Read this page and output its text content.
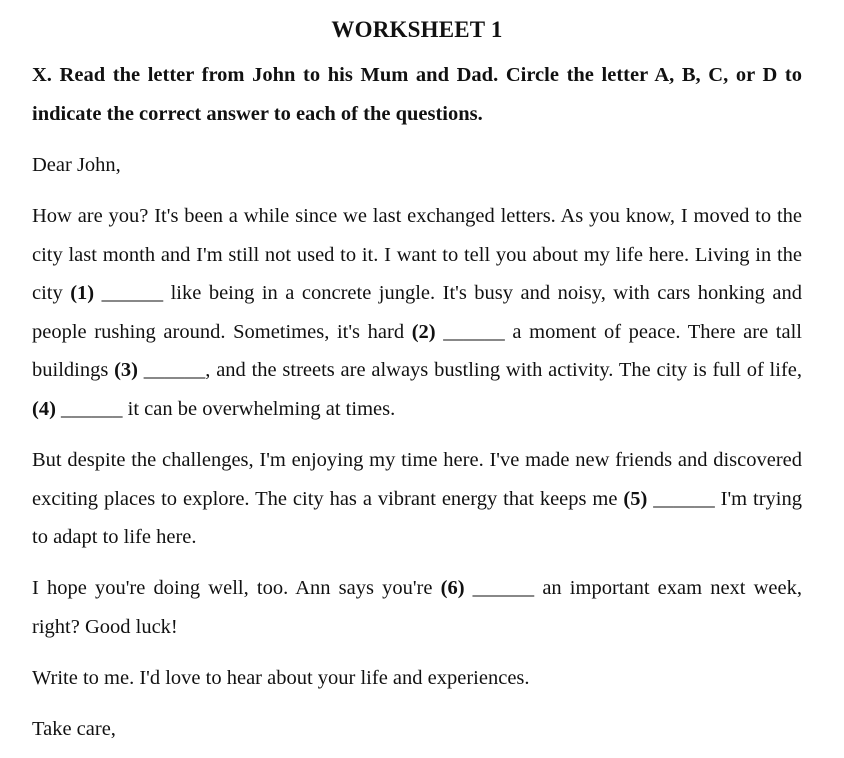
WORKSHEET 1
X. Read the letter from John to his Mum and Dad. Circle the letter A, B, C, or D to indicate the correct answer to each of the questions.
Dear John,
How are you? It's been a while since we last exchanged letters. As you know, I moved to the city last month and I'm still not used to it. I want to tell you about my life here. Living in the city (1) ______ like being in a concrete jungle. It's busy and noisy, with cars honking and people rushing around. Sometimes, it's hard (2) ______ a moment of peace. There are tall buildings (3) ______, and the streets are always bustling with activity. The city is full of life, (4) ______ it can be overwhelming at times.
But despite the challenges, I'm enjoying my time here. I've made new friends and discovered exciting places to explore. The city has a vibrant energy that keeps me (5) ______ I'm trying to adapt to life here.
I hope you're doing well, too. Ann says you're (6) ______ an important exam next week, right? Good luck!
Write to me. I'd love to hear about your life and experiences.
Take care,
